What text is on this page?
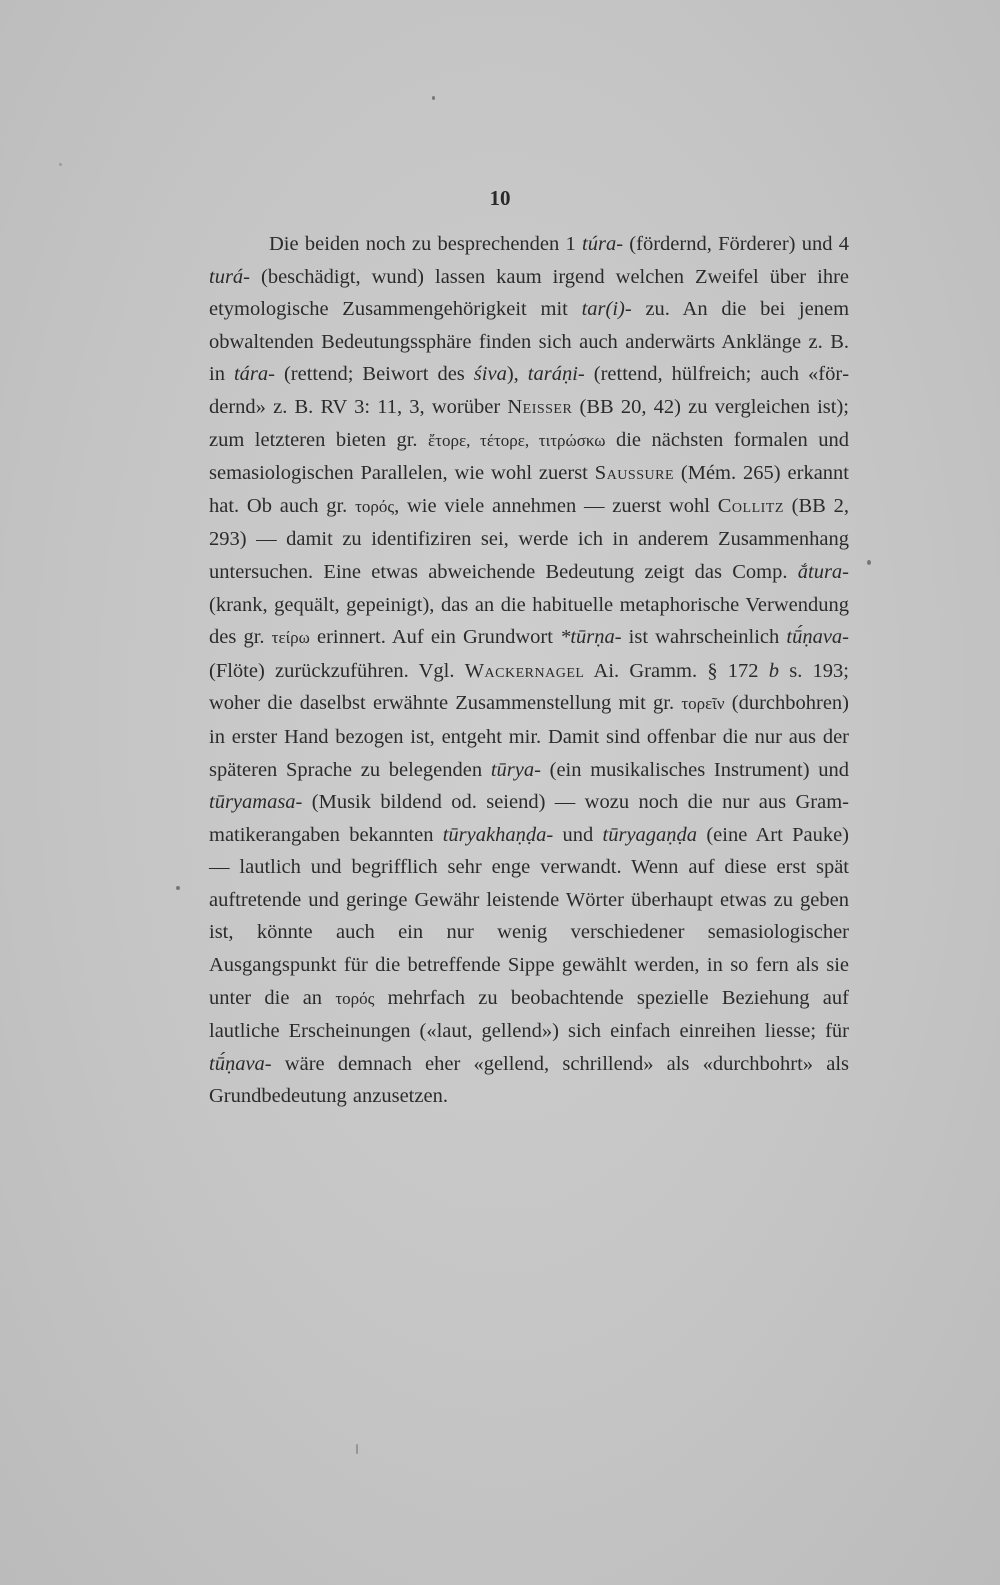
10

Die beiden noch zu besprechenden 1 túra- (fördernd, Förderer) und 4 turá- (beschädigt, wund) lassen kaum irgend welchen Zweifel über ihre etymologische Zusammengehörigkeit mit tar(i)- zu. An die bei jenem obwaltenden Bedeutungssphäre finden sich auch anderwärts Anklänge z. B. in tára- (rettend; Beiwort des śiva), taráṇi- (rettend, hülfreich; auch «fördernd» z. B. RV 3: 11, 3, worüber Neisser (BB 20, 42) zu vergleichen ist); zum letzteren bieten gr. ἔτορε, τέτορε, τιτρώσκω die nächsten formalen und semasiologischen Parallelen, wie wohl zuerst Saussure (Mém. 265) erkannt hat. Ob auch gr. τορός, wie viele annehmen — zuerst wohl Collitz (BB 2, 293) — damit zu identifiziren sei, werde ich in anderem Zusammenhang untersuchen. Eine etwas abweichende Bedeutung zeigt das Comp. ắtura- (krank, gequält, gepeinigt), das an die habituelle metaphorische Verwendung des gr. τείρω erinnert. Auf ein Grundwort *tūrṇa- ist wahrscheinlich tū́ṇava- (Flöte) zurückzuführen. Vgl. Wackernagel Ai. Gramm. § 172 b s. 193; woher die daselbst erwähnte Zusammenstellung mit gr. τορεῖν (durchbohren) in erster Hand bezogen ist, entgeht mir. Damit sind offenbar die nur aus der späteren Sprache zu belegenden tūrya- (ein musikalisches Instrument) und tūryamasa- (Musik bildend od. seiend) — wozu noch die nur aus Grammatikerangaben bekannten tūryakhaṇḍa- und tūryagaṇḍa (eine Art Pauke) — lautlich und begrifflich sehr enge verwandt. Wenn auf diese erst spät auftretende und geringe Gewähr leistende Wörter überhaupt etwas zu geben ist, könnte auch ein nur wenig verschiedener semasiologischer Ausgangspunkt für die betreffende Sippe gewählt werden, in so fern als sie unter die an τορός mehrfach zu beobachtende spezielle Beziehung auf lautliche Erscheinungen («laut, gellend») sich einfach einreihen liesse; für tū́ṇava- wäre demnach eher «gellend, schrillend» als «durchbohrt» als Grundbedeutung anzusetzen.
